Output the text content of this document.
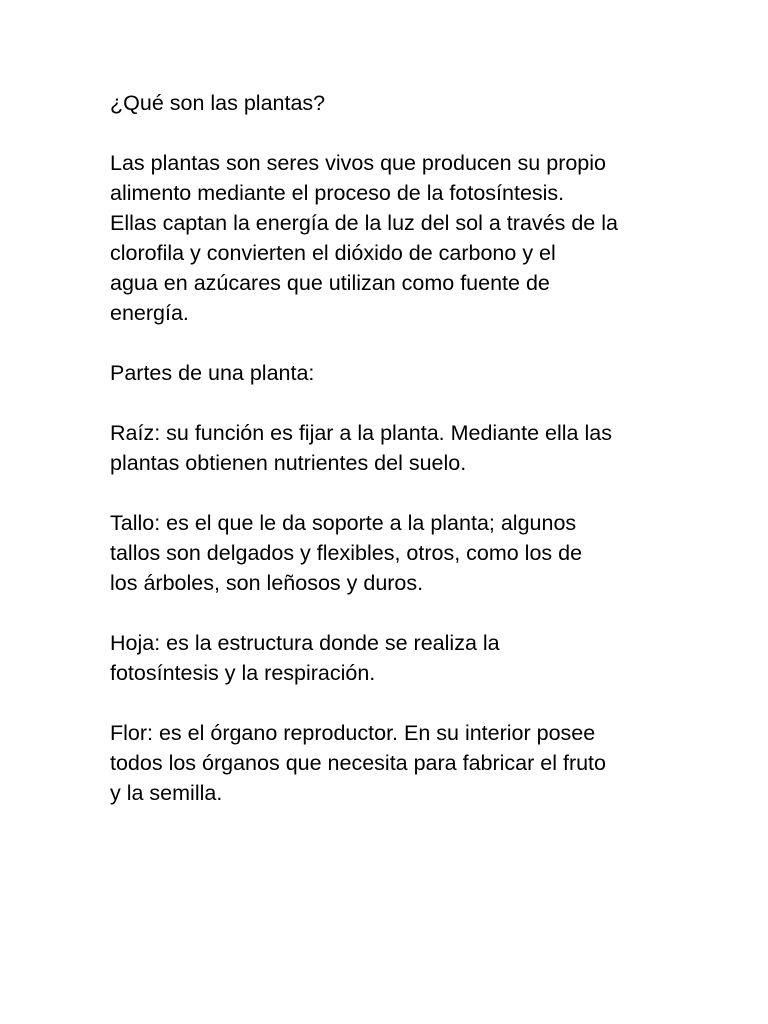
¿Qué son las plantas?

Las plantas son seres vivos que producen su propio
alimento mediante el proceso de la fotosíntesis.
Ellas captan la energía de la luz del sol a través de la
clorofila y convierten el dióxido de carbono y el
agua en azúcares que utilizan como fuente de
energía.

Partes de una planta:

Raíz: su función es fijar a la planta. Mediante ella las
plantas obtienen nutrientes del suelo.

Tallo: es el que le da soporte a la planta; algunos
tallos son delgados y flexibles, otros, como los de
los árboles, son leñosos y duros.

Hoja: es la estructura donde se realiza la
fotosíntesis y la respiración.

Flor: es el órgano reproductor. En su interior posee
todos los órganos que necesita para fabricar el fruto
y la semilla.
